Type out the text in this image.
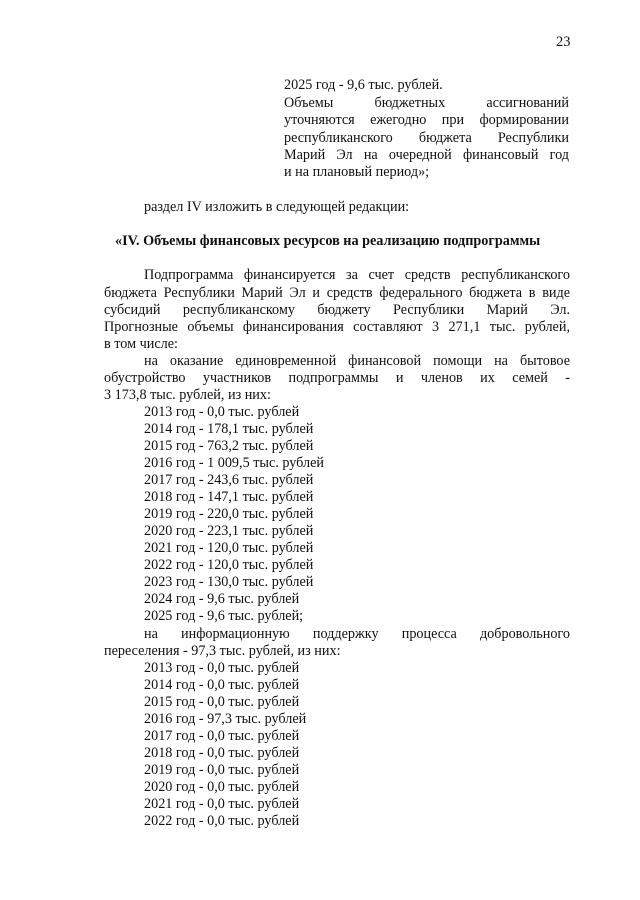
23
2025 год - 9,6 тыс. рублей.
Объемы бюджетных ассигнований
уточняются ежегодно при формировании
республиканского бюджета Республики
Марий Эл на очередной финансовый год
и на плановый период»;
раздел IV изложить в следующей редакции:
«IV. Объемы финансовых ресурсов на реализацию подпрограммы
Подпрограмма финансируется за счет средств республиканского
бюджета Республики Марий Эл и средств федерального бюджета в виде
субсидий республиканскому бюджету Республики Марий Эл.
Прогнозные объемы финансирования составляют 3 271,1 тыс. рублей,
в том числе:
на оказание единовременной финансовой помощи на бытовое
обустройство участников подпрограммы и членов их семей -
3 173,8 тыс. рублей, из них:
2013 год - 0,0 тыс. рублей
2014 год - 178,1 тыс. рублей
2015 год - 763,2 тыс. рублей
2016 год - 1 009,5 тыс. рублей
2017 год - 243,6 тыс. рублей
2018 год - 147,1 тыс. рублей
2019 год - 220,0 тыс. рублей
2020 год - 223,1 тыс. рублей
2021 год - 120,0 тыс. рублей
2022 год - 120,0 тыс. рублей
2023 год - 130,0 тыс. рублей
2024 год - 9,6 тыс. рублей
2025 год - 9,6 тыс. рублей;
на информационную поддержку процесса добровольного
переселения - 97,3 тыс. рублей, из них:
2013 год - 0,0 тыс. рублей
2014 год - 0,0 тыс. рублей
2015 год - 0,0 тыс. рублей
2016 год - 97,3 тыс. рублей
2017 год - 0,0 тыс. рублей
2018 год - 0,0 тыс. рублей
2019 год - 0,0 тыс. рублей
2020 год - 0,0 тыс. рублей
2021 год - 0,0 тыс. рублей
2022 год - 0,0 тыс. рублей
